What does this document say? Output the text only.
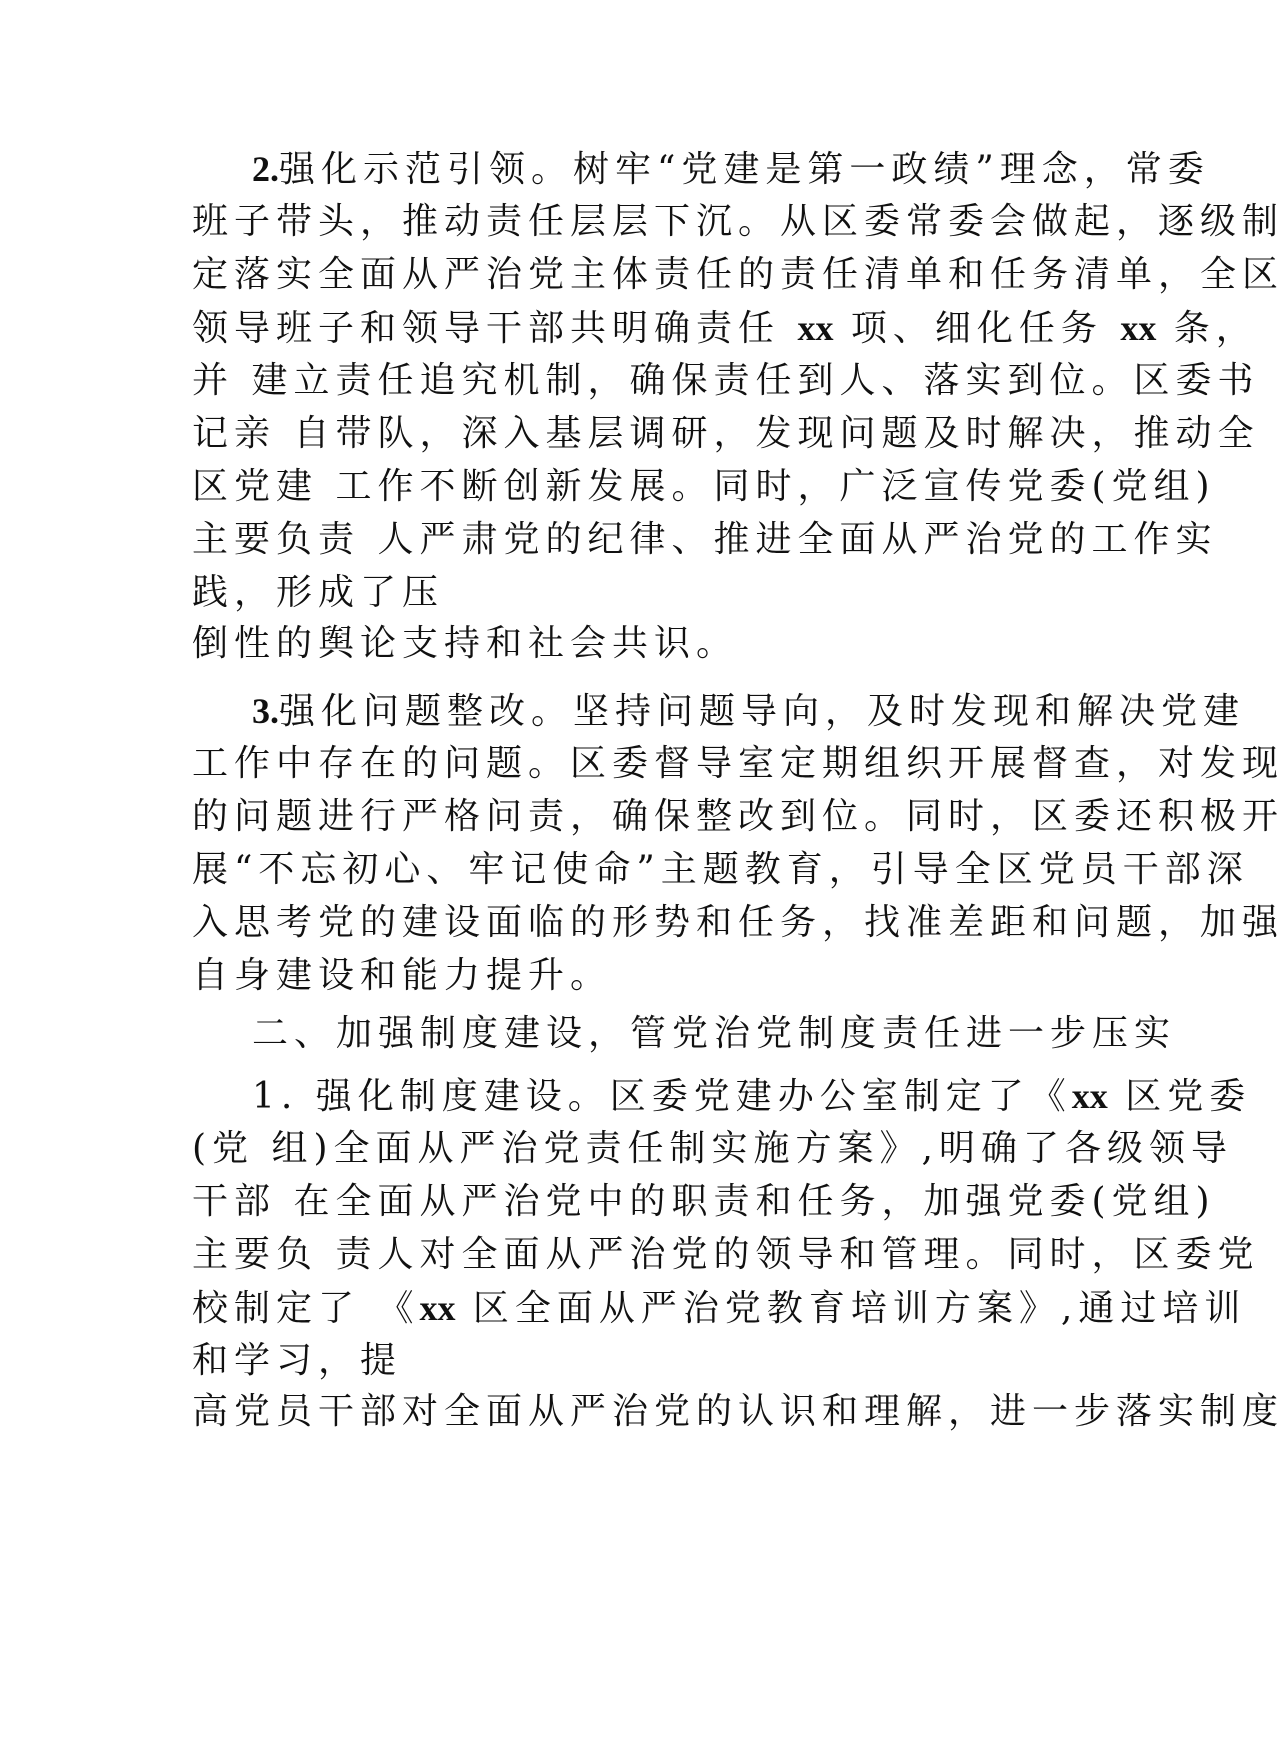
2.强化示范引领。树牢“党建是第一政绩”理念，常委
班子带头，推动责任层层下沉。从区委常委会做起，逐级制
定落实全面从严治党主体责任的责任清单和任务清单，全区
领导班子和领导干部共明确责任 xx 项、细化任务 xx 条，
并 建立责任追究机制，确保责任到人、落实到位。区委书
记亲 自带队，深入基层调研，发现问题及时解决，推动全
区党建 工作不断创新发展。同时，广泛宣传党委(党组)
主要负责 人严肃党的纪律、推进全面从严治党的工作实
践，形成了压
倒性的舆论支持和社会共识。
3.强化问题整改。坚持问题导向，及时发现和解决党建
工作中存在的问题。区委督导室定期组织开展督查，对发现
的问题进行严格问责，确保整改到位。同时，区委还积极开
展“不忘初心、牢记使命”主题教育，引导全区党员干部深
入思考党的建设面临的形势和任务，找准差距和问题，加强
自身建设和能力提升。
二、加强制度建设，管党治党制度责任进一步压实
1. 强化制度建设。区委党建办公室制定了《xx 区党委
(党 组)全面从严治党责任制实施方案》,明确了各级领导
干部 在全面从严治党中的职责和任务，加强党委(党组)
主要负 责人对全面从严治党的领导和管理。同时，区委党
校制定了 《xx 区全面从严治党教育培训方案》,通过培训
和学习，提
高党员干部对全面从严治党的认识和理解，进一步落实制度
